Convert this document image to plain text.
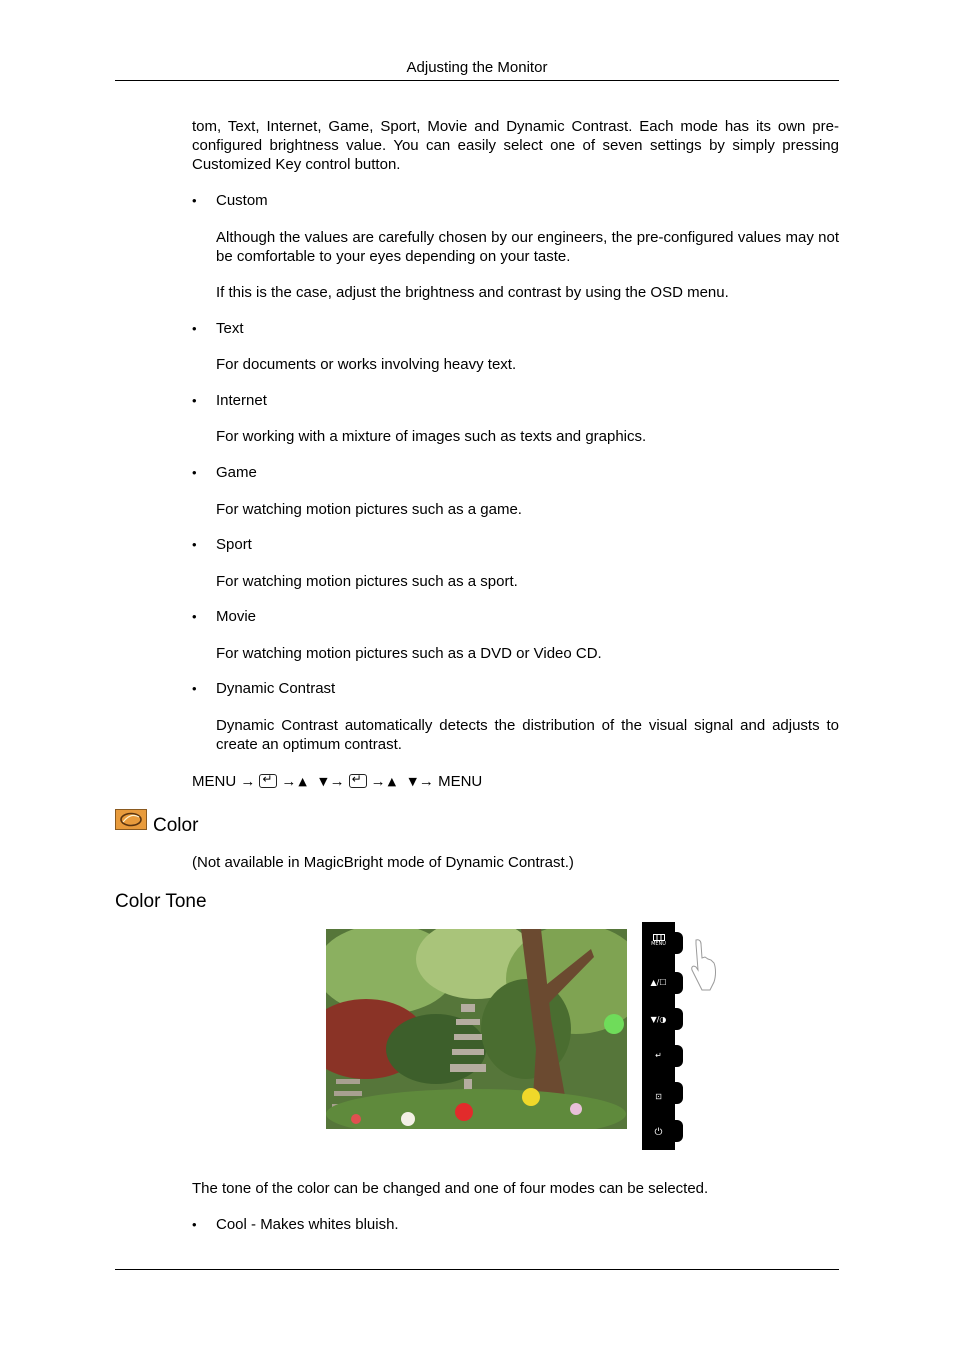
Adjusting the Monitor
tom, Text, Internet, Game, Sport, Movie and Dynamic Contrast. Each mode has its own pre-configured brightness value. You can easily select one of seven settings by simply pressing Customized Key control button.
• Custom
Although the values are carefully chosen by our engineers, the pre-configured values may not be comfortable to your eyes depending on your taste.
If this is the case, adjust the brightness and contrast by using the OSD menu.
• Text
For documents or works involving heavy text.
• Internet
For working with a mixture of images such as texts and graphics.
• Game
For watching motion pictures such as a game.
• Sport
For watching motion pictures such as a sport.
• Movie
For watching motion pictures such as a DVD or Video CD.
• Dynamic Contrast
Dynamic Contrast automatically detects the distribution of the visual signal and adjusts to create an optimum contrast.
MENU
→ ↵ → ▲
▼ → ↵ → ▲
▼ →
MENU
Color
(Not available in MagicBright mode of Dynamic Contrast.)
Color Tone
MENU
▲/☐
▼/◑
↵
⊡
⏻
The tone of the color can be changed and one of four modes can be selected.
• Cool - Makes whites bluish.
